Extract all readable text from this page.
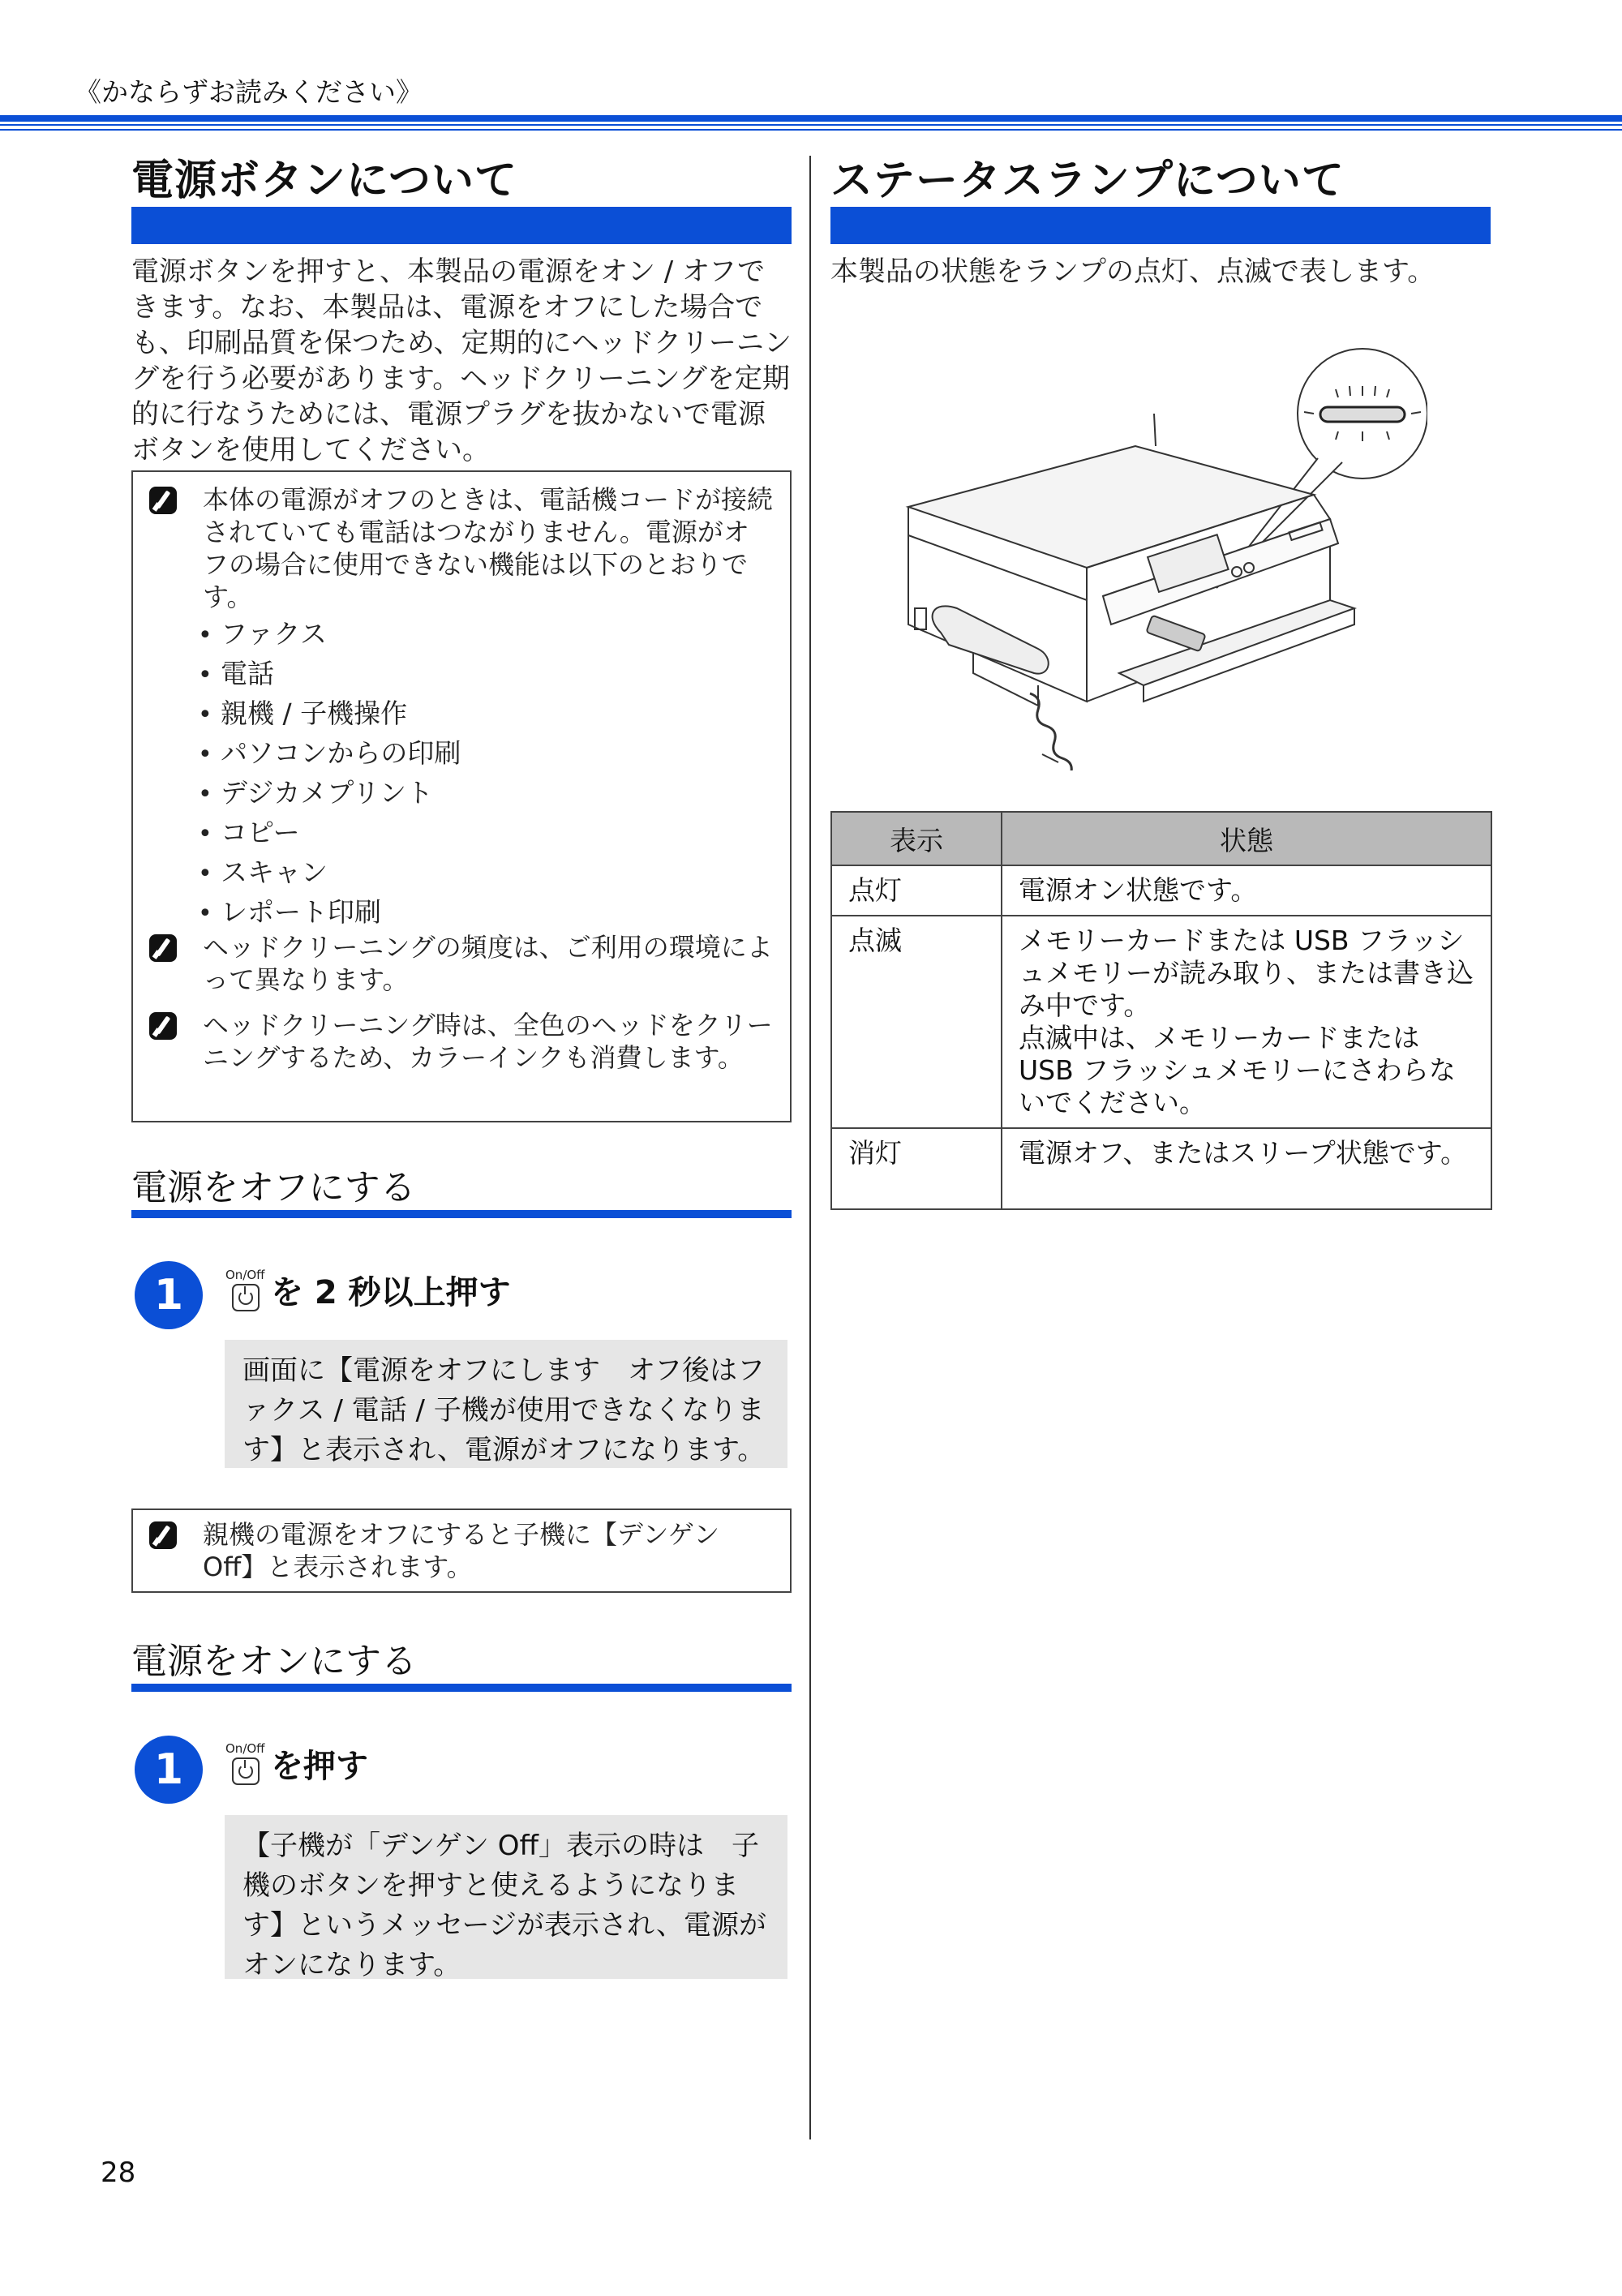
《かならずお読みください》
電源ボタンについて
電源ボタンを押すと、本製品の電源をオン / オフできます。なお、本製品は、電源をオフにした場合でも、印刷品質を保つため、定期的にヘッドクリーニングを行う必要があります。ヘッドクリーニングを定期的に行なうためには、電源プラグを抜かないで電源ボタンを使用してください。
本体の電源がオフのときは、電話機コードが接続されていても電話はつながりません。電源がオフの場合に使用できない機能は以下のとおりです。
• ファクス
• 電話
• 親機 / 子機操作
• パソコンからの印刷
• デジカメプリント
• コピー
• スキャン
• レポート印刷
ヘッドクリーニングの頻度は、ご利用の環境によって異なります。
ヘッドクリーニング時は、全色のヘッドをクリーニングするため、カラーインクも消費します。
電源をオフにする
1	On/Off を 2 秒以上押す
画面に【電源をオフにします　オフ後はファクス / 電話 / 子機が使用できなくなります】と表示され、電源がオフになります。
親機の電源をオフにすると子機に【デンゲン Off】と表示されます。
電源をオンにする
1	On/Off を押す
【子機が「デンゲン Off」表示の時は　子機のボタンを押すと使えるようになります】というメッセージが表示され、電源がオンになります。
ステータスランプについて
本製品の状態をランプの点灯、点滅で表します。
表示	状態
点灯	電源オン状態です。
点滅	メモリーカードまたは USB フラッシュメモリーが読み取り、または書き込み中です。
点滅中は、メモリーカードまたは USB フラッシュメモリーにさわらないでください。
消灯	電源オフ、またはスリープ状態です。
28
